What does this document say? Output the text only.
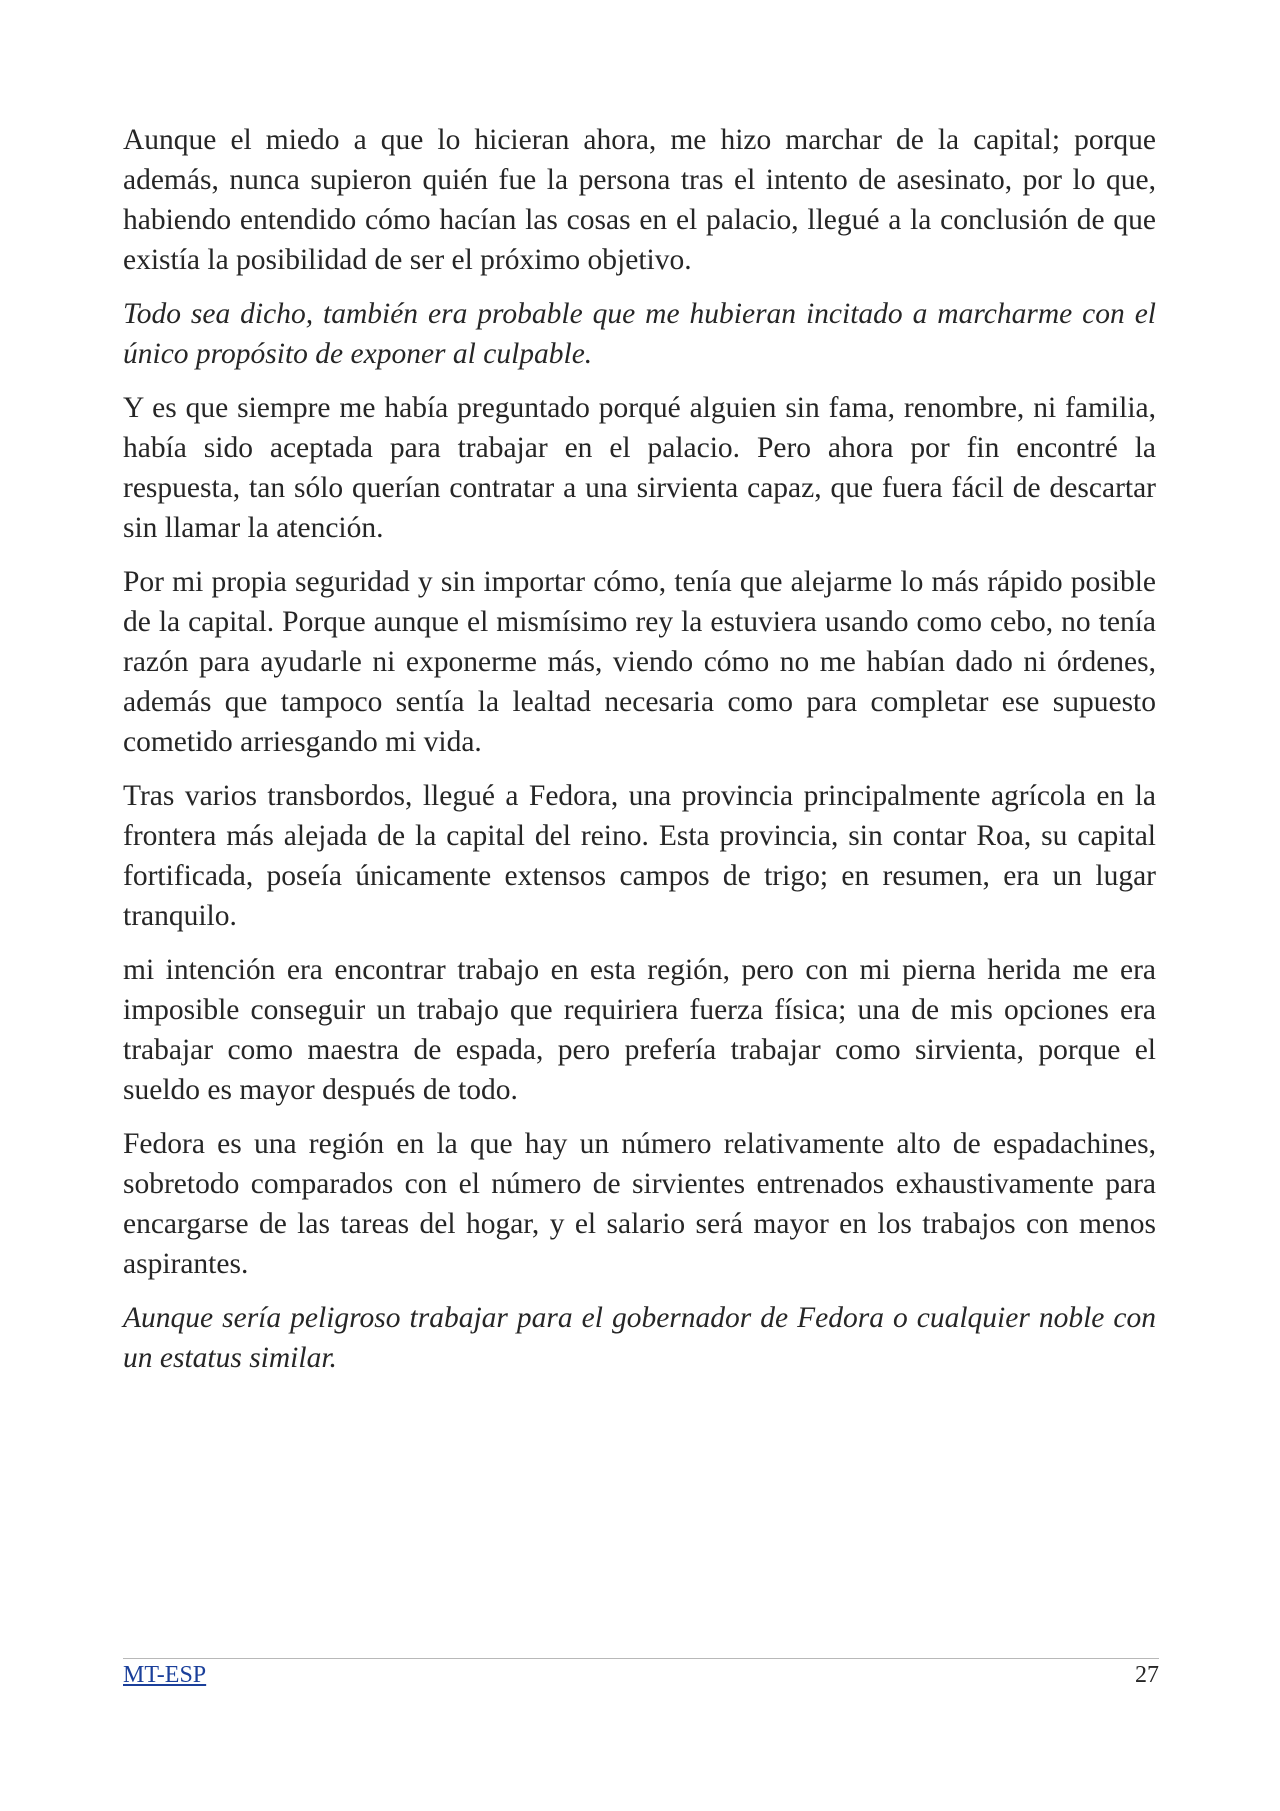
Aunque el miedo a que lo hicieran ahora, me hizo marchar de la capital; porque además, nunca supieron quién fue la persona tras el intento de asesinato, por lo que, habiendo entendido cómo hacían las cosas en el palacio, llegué a la conclusión de que existía la posibilidad de ser el próximo objetivo.

Todo sea dicho, también era probable que me hubieran incitado a marcharme con el único propósito de exponer al culpable.

Y es que siempre me había preguntado porqué alguien sin fama, renombre, ni familia, había sido aceptada para trabajar en el palacio. Pero ahora por fin encontré la respuesta, tan sólo querían contratar a una sirvienta capaz, que fuera fácil de descartar sin llamar la atención.

Por mi propia seguridad y sin importar cómo, tenía que alejarme lo más rápido posible de la capital. Porque aunque el mismísimo rey la estuviera usando como cebo, no tenía razón para ayudarle ni exponerme más, viendo cómo no me habían dado ni órdenes, además que tampoco sentía la lealtad necesaria como para completar ese supuesto cometido arriesgando mi vida.

Tras varios transbordos, llegué a Fedora, una provincia principalmente agrícola en la frontera más alejada de la capital del reino. Esta provincia, sin contar Roa, su capital fortificada, poseía únicamente extensos campos de trigo; en resumen, era un lugar tranquilo.

mi intención era encontrar trabajo en esta región, pero con mi pierna herida me era imposible conseguir un trabajo que requiriera fuerza física; una de mis opciones era trabajar como maestra de espada, pero prefería trabajar como sirvienta, porque el sueldo es mayor después de todo.

Fedora es una región en la que hay un número relativamente alto de espadachines, sobretodo comparados con el número de sirvientes entrenados exhaustivamente para encargarse de las tareas del hogar, y el salario será mayor en los trabajos con menos aspirantes.

Aunque sería peligroso trabajar para el gobernador de Fedora o cualquier noble con un estatus similar.

MT-ESP	27
